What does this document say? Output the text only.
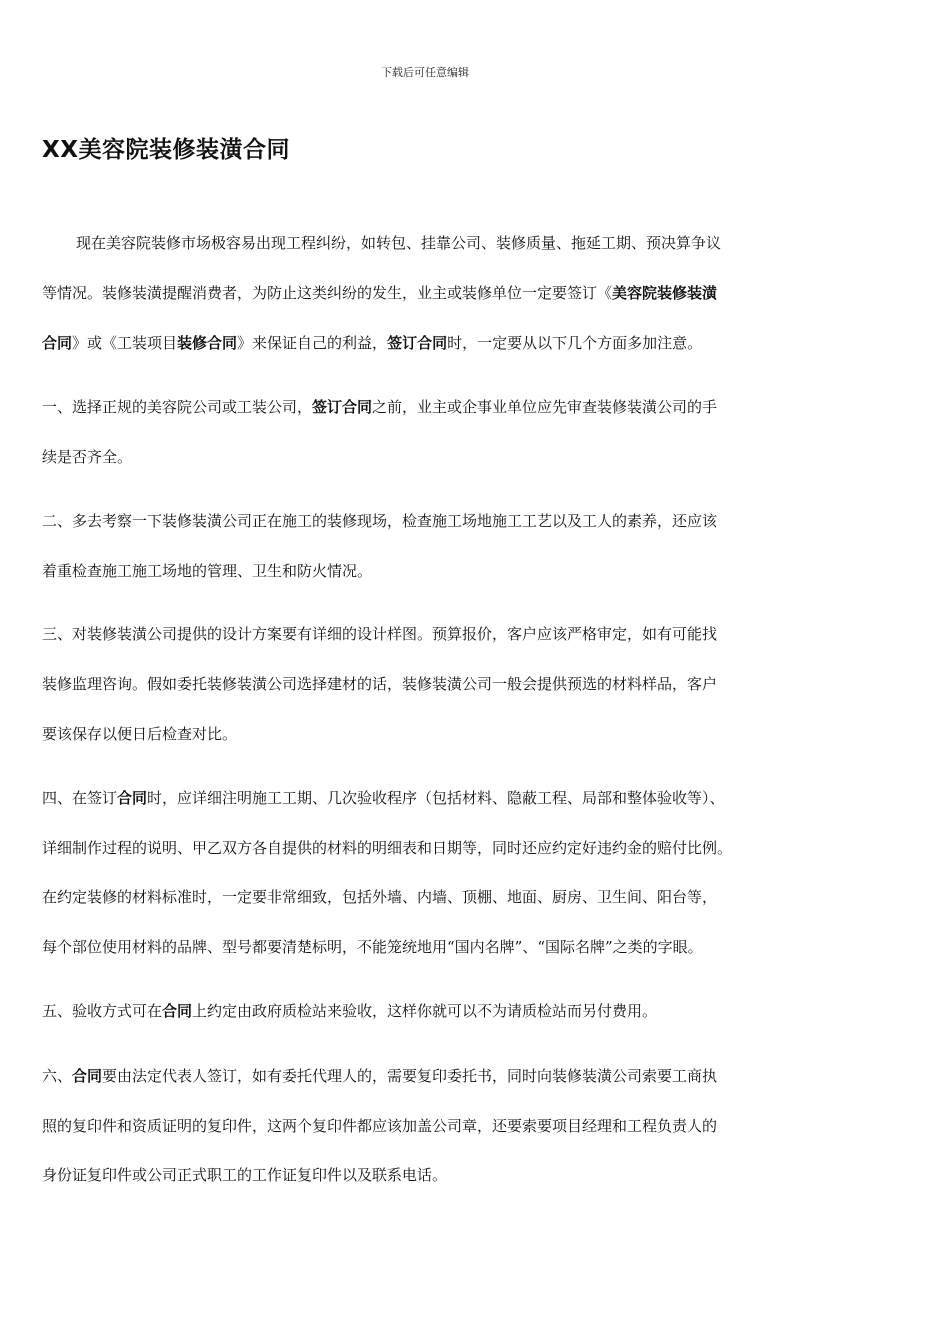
下载后可任意编辑
XX美容院装修装潢合同
现在美容院装修市场极容易出现工程纠纷，如转包、挂靠公司、装修质量、拖延工期、预决算争议
等情况。装修装潢提醒消费者，为防止这类纠纷的发生，业主或装修单位一定要签订《美容院装修装潢
合同》或《工装项目装修合同》来保证自己的利益，签订合同时，一定要从以下几个方面多加注意。
一、选择正规的美容院公司或工装公司，签订合同之前，业主或企事业单位应先审查装修装潢公司的手
续是否齐全。
二、多去考察一下装修装潢公司正在施工的装修现场，检查施工场地施工工艺以及工人的素养，还应该
着重检查施工施工场地的管理、卫生和防火情况。
三、对装修装潢公司提供的设计方案要有详细的设计样图。预算报价，客户应该严格审定，如有可能找
装修监理咨询。假如委托装修装潢公司选择建材的话，装修装潢公司一般会提供预选的材料样品，客户
要该保存以便日后检查对比。
四、在签订合同时，应详细注明施工工期、几次验收程序（包括材料、隐蔽工程、局部和整体验收等）、
详细制作过程的说明、甲乙双方各自提供的材料的明细表和日期等，同时还应约定好违约金的赔付比例。
在约定装修的材料标准时，一定要非常细致，包括外墙、内墙、顶棚、地面、厨房、卫生间、阳台等，
每个部位使用材料的品牌、型号都要清楚标明，不能笼统地用“国内名牌”、“国际名牌”之类的字眼。
五、验收方式可在合同上约定由政府质检站来验收，这样你就可以不为请质检站而另付费用。
六、合同要由法定代表人签订，如有委托代理人的，需要复印委托书，同时向装修装潢公司索要工商执
照的复印件和资质证明的复印件，这两个复印件都应该加盖公司章，还要索要项目经理和工程负责人的
身份证复印件或公司正式职工的工作证复印件以及联系电话。
